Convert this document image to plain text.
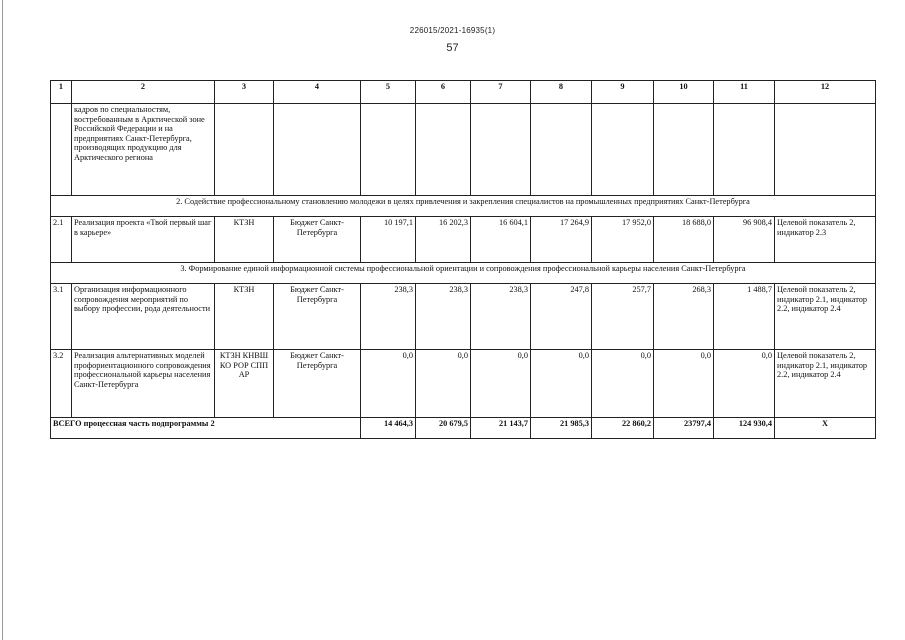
226015/2021-16935(1)
57
1	2	3	4	5	6	7	8	9	10	11	12
	кадров по специальностям, востребованным в Арктической зоне Российской Федерации и на предприятиях Санкт-Петербурга, производящих продукцию для Арктического региона										
2. Содействие профессиональному становлению молодежи в целях привлечения и закрепления специалистов на промышленных предприятиях Санкт-Петербурга											
2.1	Реализация проекта «Твой первый шаг в карьере»	КТЗН	Бюджет Санкт-Петербурга	10 197,1	16 202,3	16 604,1	17 264,9	17 952,0	18 688,0	96 908,4	Целевой показатель 2, индикатор 2.3
3. Формирование единой информационной системы профессиональной ориентации и сопровождения профессиональной карьеры населения Санкт-Петербурга											
3.1	Организация информационного сопровождения мероприятий по выбору профессии, рода деятельности	КТЗН	Бюджет Санкт-Петербурга	238,3	238,3	238,3	247,8	257,7	268,3	1 488,7	Целевой показатель 2, индикатор 2.1, индикатор 2.2, индикатор 2.4
3.2	Реализация альтернативных моделей профориентационного сопровождения профессиональной карьеры населения Санкт-Петербурга	КТЗН КНВШ КО РОР СПП АР	Бюджет Санкт-Петербурга	0,0	0,0	0,0	0,0	0,0	0,0	0,0	Целевой показатель 2, индикатор 2.1, индикатор 2.2, индикатор 2.4
ВСЕГО процессная часть подпрограммы 2				14 464,3	20 679,5	21 143,7	21 985,3	22 860,2	23797,4	124 930,4	X
